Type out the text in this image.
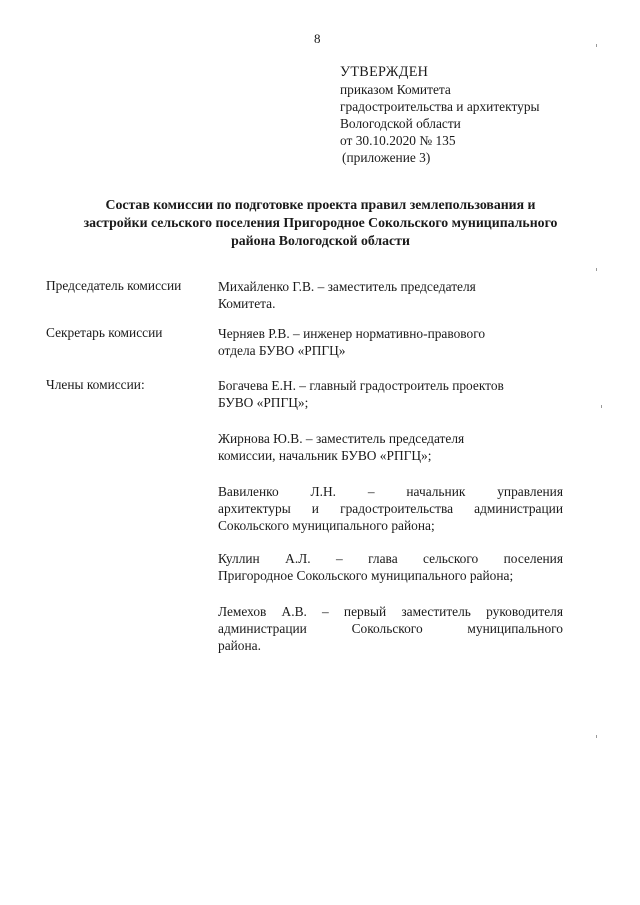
8
УТВЕРЖДЕН
приказом Комитета
градостроительства и архитектуры
Вологодской области
от 30.10.2020 № 135
(приложение 3)
Состав комиссии по подготовке проекта правил землепользования и
застройки сельского поселения Пригородное Сокольского муниципального
района Вологодской области
Председатель комиссии	Михайленко Г.В. – заместитель председателя
Комитета.
Секретарь комиссии	Черняев Р.В. – инженер нормативно-правового
отдела БУВО «РПГЦ»
Члены комиссии:	Богачева Е.Н. – главный градостроитель проектов
БУВО «РПГЦ»;
Жирнова Ю.В. – заместитель председателя
комиссии, начальник БУВО «РПГЦ»;
Вавиленко Л.Н. – начальник управления
архитектуры и градостроительства администрации
Сокольского муниципального района;
Куллин А.Л. – глава сельского поселения
Пригородное Сокольского муниципального района;
Лемехов А.В. – первый заместитель руководителя
администрации Сокольского муниципального
района.
